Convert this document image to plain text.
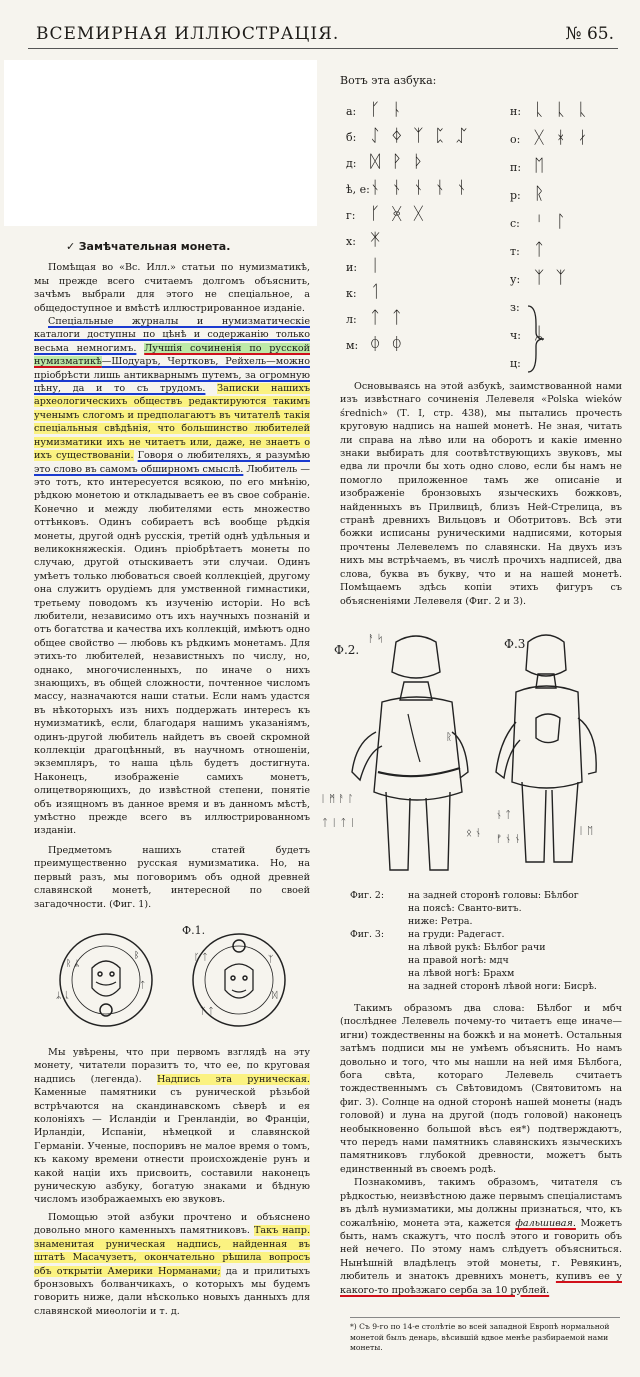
ВСЕМИРНАЯ ИЛЛЮСТРАЦІЯ.	№ 65.

✓ Замѣчательная монета.

Помѣщая во «Вс. Илл.» статьи по нумизматикѣ, мы прежде всего считаемъ долгомъ объяснить, зачѣмъ выбрали для этого не спеціальное, а общедоступное и вмѣстѣ иллюстрированное изданіе.

Спеціальные журналы и нумизматическіе каталоги доступны по цѣнѣ и содержанію только весьма немногимъ. Лучшія сочиненія по русской нумизматикѣ—Шодуаръ, Чертковъ, Рейхель—можно пріобрѣсти лишь антикварнымъ путемъ, за огромную цѣну, да и то съ трудомъ. Записки нашихъ археологическихъ обществъ редактируются такимъ ученымъ слогомъ и предполагаютъ въ читателѣ такія спеціальныя свѣдѣнія, что большинство любителей нумизматики ихъ не читаетъ или, даже, не знаетъ о ихъ существованіи. Говоря о любителяхъ, я разумѣю это слово въ самомъ обширномъ смыслѣ. Любитель — это тотъ, кто интересуется всякою, по его мнѣнію, рѣдкою монетою и откладываетъ ее въ свое собраніе. Конечно и между любителями есть множество оттѣнковъ. Одинъ собираетъ всѣ вообще рѣдкія монеты, другой однѣ русскія, третій однѣ удѣльныя и великокняжескія. Одинъ пріобрѣтаетъ монеты по случаю, другой отыскиваетъ эти случаи. Одинъ умѣетъ только любоваться своей коллекціей, другому она служитъ орудіемъ для умственной гимнастики, третьему поводомъ къ изученію исторіи. Но всѣ любители, независимо отъ ихъ научныхъ познаній и отъ богатства и качества ихъ коллекцій, имѣютъ одно общее свойство — любовь къ рѣдкимъ монетамъ. Для этихъ-то любителей, независтныхъ по числу, но, однако, многочисленныхъ, по иначе о нихъ знающихъ, въ общей сложности, почтенное числомъ массу, назначаются наши статьи. Если намъ удастся въ нѣкоторыхъ изъ нихъ поддержать интересъ къ нумизматикѣ, если, благодаря нашимъ указаніямъ, одинъ-другой любитель найдетъ въ своей скромной коллекціи драгоцѣнный, въ научномъ отношеніи, экземпляръ, то наша цѣль будетъ достигнута. Наконецъ, изображеніе самихъ монетъ, олицетворяющихъ, до извѣстной степени, понятіе объ изящномъ въ данное время и въ данномъ мѣстѣ, умѣстно прежде всего въ иллюстрированномъ изданіи.

Предметомъ нашихъ статей будетъ преимущественно русская нумизматика. Но, на первый разъ, мы поговоримъ объ одной древней славянской монетѣ, интересной по своей загадочности. (Фиг. 1).

Ф.1.
ᚱ ᛦ
ᛦ ᚳ
ᛒ
ᛏ
ᚴ ᛏ
ᛉ ᛏ
ᛉ
ᛞ

Мы увѣрены, что при первомъ взглядѣ на эту монету, читатели поразитъ то, что ее, по круговая надпись (легенда). Надпись эта руническая. Каменные памятники съ рунической рѣзьбой встрѣчаются на скандинавскомъ сѣверѣ и ея колоніяхъ — Исландіи и Гренландіи, во Франціи, Ирландіи, Испаніи, нѣмецкой и славянской Германіи. Ученые, поспоривъ не малое время о томъ, къ какому времени отнести происхожденіе рунъ и какой націи ихъ присвоить, составили наконецъ руническую азбуку, богатую знаками и бѣдную числомъ изображаемыхъ ею звуковъ.

Помощью этой азбуки прочтено и объяснено довольно много каменныхъ памятниковъ. Такъ напр. знаменитая руническая надпись, найденная въ штатѣ Масачузетъ, окончательно рѣшила вопросъ объ открытіи Америки Норманами; да и прилитыхъ бронзовыхъ болванчикахъ, о которыхъ мы будемъ говорить ниже, дали нѣсколько новыхъ данныхъ для славянской миѳологіи и т. д.

Вотъ эта азбука:
а: ᚴ ᚿ
б: ᛇ ᛄ ᛉ ᛈ ᛢ
д: ᛞ ᚹ ᚦ
ѣ, е:ᚾ ᚾ ᚾ ᚾ ᚾ
г: ᚴ ᚸ ᚷ
х: ᛡ
и: ᛁ
к: ᛐ
л: ᛏ ᛏ
м: ᛰ ᛰ
н: ᚳ ᚳ ᚳ
о: ᚷ ᚼ ᛅ
п: ᛖ
р: ᚱ
с: ᛌ ᛚ
т: ᛏ
у: ᛉ ᛉ
з:
ч: ᛦ
ц:

Основываясь на этой азбукѣ, заимствованной нами изъ извѣстнаго сочиненія Лелевеля «Polska wieków średnich» (Т. I, стр. 438), мы пытались прочесть круговую надпись на нашей монетѣ. Не зная, читать ли справа на лѣво или на оборотъ и какіе именно знаки выбирать для соотвѣтствующихъ звуковъ, мы едва ли прочли бы хоть одно слово, если бы намъ не помогло приложенное тамъ же описаніе и изображеніе бронзовыхъ языческихъ божковъ, найденныхъ въ Прилвицѣ, близъ Ней-Стрелица, въ странѣ древнихъ Вильцовъ и Оботритовъ. Всѣ эти божки исписаны руническими надписями, которыя прочтены Лелевелемъ по славянски. На двухъ изъ нихъ мы встрѣчаемъ, въ числѣ прочихъ надписей, два слова, буква въ букву, что и на нашей монетѣ. Помѣщаемъ здѣсь копіи этихъ фигуръ съ объясненіями Лелевеля (Фиг. 2 и 3).

Ф.2.	Ф.3
ᚨ ᛋ
ᛁ ᛗ ᚨ ᛚ
ᛏ ᛁ ᛏ ᛁ
ᛟ ᚾ
ᚾ ᛏ
ᚠ ᚾ ᚾ
ᛁ ᛖ
ᚱ
Фиг. 2:	на задней сторонѣ головы: Бѣлбог
на поясѣ: Сванто-витъ.
ниже: Ретра.
Фиг. 3:	на груди: Радегаст.
на лѣвой рукѣ: Бѣлбог рачи
на правой ногѣ: мдч
на лѣвой ногѣ: Брахм
на задней сторонѣ лѣвой ноги: Бисрѣ.

Такимъ образомъ два слова: Бѣлбог и мбч (послѣднее Лелевель почему-то читаетъ еще иначе—игни) тождественны на божкѣ и на монетѣ. Остальныя затѣмъ подписи мы не умѣемъ объяснить. Но намъ довольно и того, что мы нашли на ней имя Бѣлбога, бога свѣта, котораго Лелевель считаетъ тождественнымъ съ Свѣтовидомъ (Святовитомъ на фиг. 3). Солнце на одной сторонѣ нашей монеты (надъ головой) и луна на другой (подъ головой) наконецъ необыкновенно большой вѣсъ ея*) подтверждаютъ, что передъ нами памятникъ славянскихъ языческихъ памятниковъ глубокой древности, можетъ быть единственный въ своемъ родѣ.

Познакомивъ, такимъ образомъ, читателя съ рѣдкостью, неизвѣстною даже первымъ спеціалистамъ въ дѣлѣ нумизматики, мы должны признаться, что, къ сожалѣнію, монета эта, кажется фальшивая. Можетъ быть, намъ скажутъ, что послѣ этого и говорить объ ней нечего. По этому намъ слѣдуетъ объясниться. Нынѣшній владѣлецъ этой монеты, г. Ревякинъ, любитель и знатокъ древнихъ монетъ, купивъ ее у какого-то проѣзжаго серба за 10 рублей.

*) Съ 9-го по 14-е столѣтіе во всей западной Европѣ нормальной монетой былъ денарь, вѣсившій вдвое менѣе разбираемой нами монеты.
